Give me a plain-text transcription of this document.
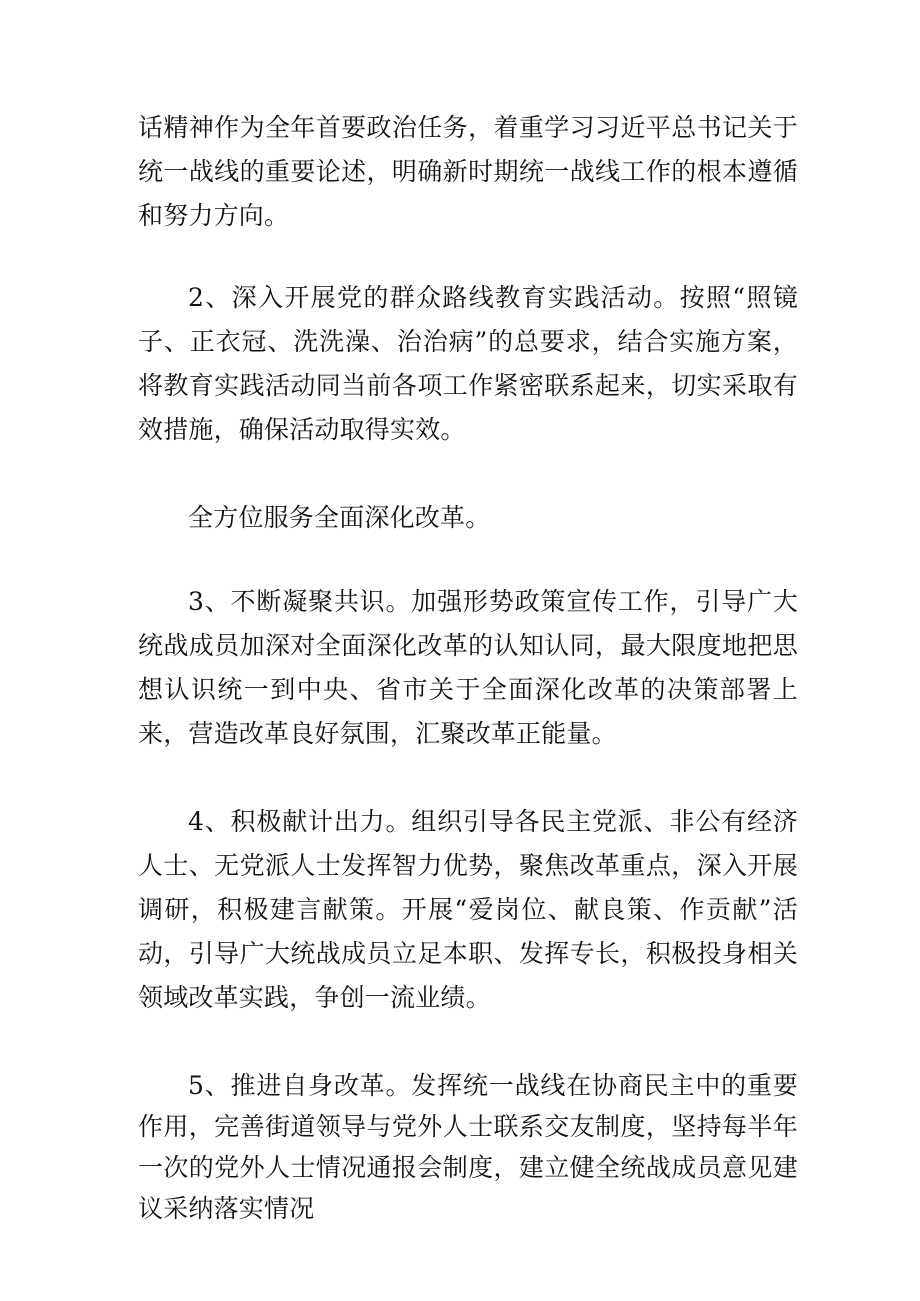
话精神作为全年首要政治任务，着重学习习近平总书记关于统一战线的重要论述，明确新时期统一战线工作的根本遵循和努力方向。

2、深入开展党的群众路线教育实践活动。按照“照镜子、正衣冠、洗洗澡、治治病”的总要求，结合实施方案，将教育实践活动同当前各项工作紧密联系起来，切实采取有效措施，确保活动取得实效。

全方位服务全面深化改革。

3、不断凝聚共识。加强形势政策宣传工作，引导广大统战成员加深对全面深化改革的认知认同，最大限度地把思想认识统一到中央、省市关于全面深化改革的决策部署上来，营造改革良好氛围，汇聚改革正能量。

4、积极献计出力。组织引导各民主党派、非公有经济人士、无党派人士发挥智力优势，聚焦改革重点，深入开展调研，积极建言献策。开展“爱岗位、献良策、作贡献”活动，引导广大统战成员立足本职、发挥专长，积极投身相关领域改革实践，争创一流业绩。

5、推进自身改革。发挥统一战线在协商民主中的重要作用，完善街道领导与党外人士联系交友制度，坚持每半年一次的党外人士情况通报会制度，建立健全统战成员意见建议采纳落实情况
